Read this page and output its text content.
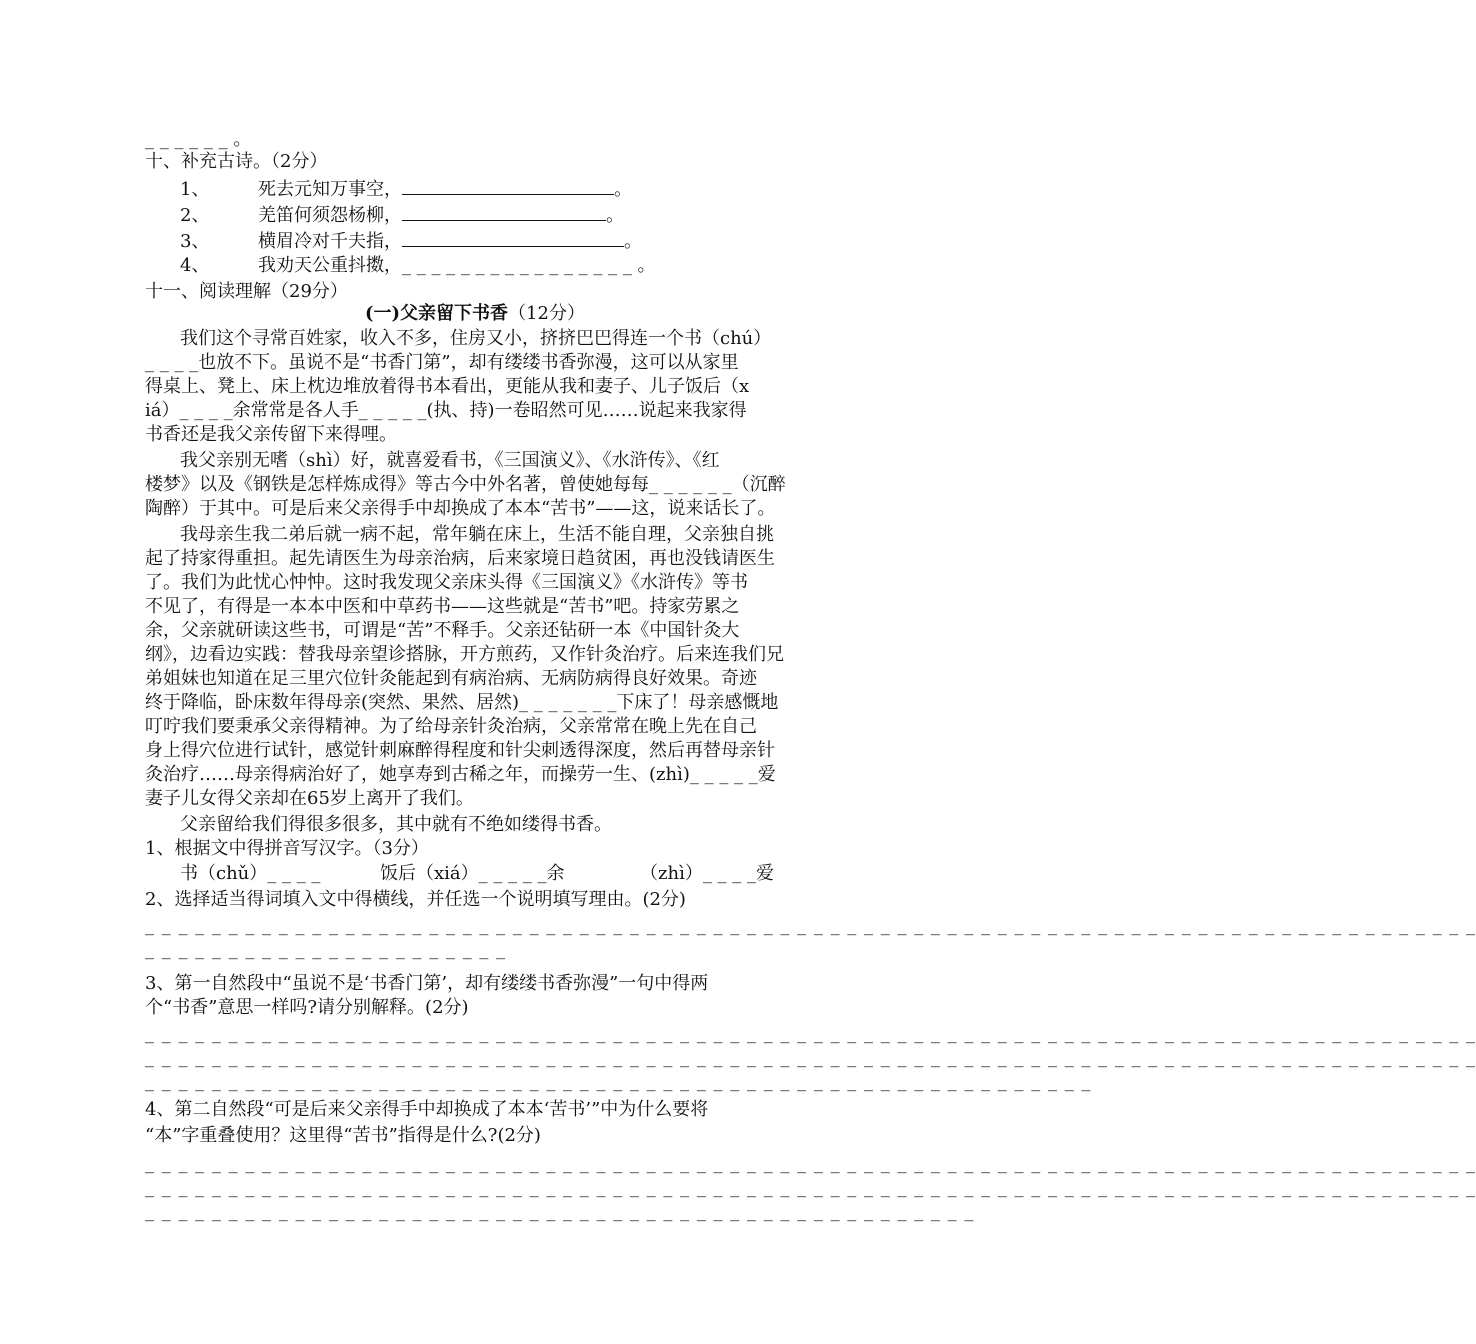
_ _ _ _ _ _ 。
十、补充古诗。（2分）
1、	死去元知万事空，	。
2、	羌笛何须怨杨柳，	。
3、	横眉冷对千夫指，	。
4、	我劝天公重抖擞，_ _ _ _ _ _ _ _ _ _ _ _ _ _ _ _ 。
十一、阅读理解（29分）
(一)父亲留下书香（12分）
我们这个寻常百姓家，收入不多，住房又小，挤挤巴巴得连一个书（chú）
_ _ _ _也放不下。虽说不是“书香门第”，却有缕缕书香弥漫，这可以从家里
得桌上、凳上、床上枕边堆放着得书本看出，更能从我和妻子、儿子饭后（x
iá）_ _ _ _余常常是各人手_ _ _ _ _(执、持)一卷昭然可见……说起来我家得
书香还是我父亲传留下来得哩。
我父亲别无嗜（shì）好，就喜爱看书，《三国演义》、《水浒传》、《红
楼梦》以及《钢铁是怎样炼成得》等古今中外名著，曾使她每每_ _ _ _ _ _（沉醉
陶醉）于其中。可是后来父亲得手中却换成了本本“苦书”——这，说来话长了。
我母亲生我二弟后就一病不起，常年躺在床上，生活不能自理，父亲独自挑
起了持家得重担。起先请医生为母亲治病，后来家境日趋贫困，再也没钱请医生
了。我们为此忧心忡忡。这时我发现父亲床头得《三国演义》《水浒传》等书
不见了，有得是一本本中医和中草药书——这些就是“苦书”吧。持家劳累之
余，父亲就研读这些书，可谓是“苦”不释手。父亲还钻研一本《中国针灸大
纲》，边看边实践：替我母亲望诊搭脉，开方煎药，又作针灸治疗。后来连我们兄
弟姐妹也知道在足三里穴位针灸能起到有病治病、无病防病得良好效果。奇迹
终于降临，卧床数年得母亲(突然、果然、居然)_ _ _ _ _ _ _下床了！母亲感慨地
叮咛我们要秉承父亲得精神。为了给母亲针灸治病，父亲常常在晚上先在自己
身上得穴位进行试针，感觉针刺麻醉得程度和针尖刺透得深度，然后再替母亲针
灸治疗……母亲得病治好了，她享寿到古稀之年，而操劳一生、(zhì)_ _ _ _ _爱
妻子儿女得父亲却在65岁上离开了我们。
父亲留给我们得很多很多，其中就有不绝如缕得书香。
1、根据文中得拼音写汉字。（3分）
书（chǔ）_ _ _ _	饭后（xiá）_ _ _ _ _余	（zhì）_ _ _ _爱
2、选择适当得词填入文中得横线，并任选一个说明填写理由。(2分)
_ _ _ _ _ _ _ _ _ _ _ _ _ _ _ _ _ _ _ _ _ _ _ _ _ _ _ _ _ _ _ _ _ _ _ _ _ _ _ _ _ _ _ _ _ _ _ _ _ _ _ _ _ _ _ _ _ _ _ _ _ _ _ _ _ _ _ _ _ _ _ _ _ _ _ _ _ _ _ _
_ _ _ _ _ _ _ _ _ _ _ _ _ _ _ _ _ _ _ _ _ _
3、第一自然段中“虽说不是‘书香门第’，却有缕缕书香弥漫”一句中得两
个“书香”意思一样吗?请分别解释。(2分)
_ _ _ _ _ _ _ _ _ _ _ _ _ _ _ _ _ _ _ _ _ _ _ _ _ _ _ _ _ _ _ _ _ _ _ _ _ _ _ _ _ _ _ _ _ _ _ _ _ _ _ _ _ _ _ _ _ _ _ _ _ _ _ _ _ _ _ _ _ _ _ _ _ _ _ _ _ _ _ _
_ _ _ _ _ _ _ _ _ _ _ _ _ _ _ _ _ _ _ _ _ _ _ _ _ _ _ _ _ _ _ _ _ _ _ _ _ _ _ _ _ _ _ _ _ _ _ _ _ _ _ _ _ _ _ _ _ _ _ _ _ _ _ _ _ _ _ _ _ _ _ _ _ _ _ _ _ _ _ _
_ _ _ _ _ _ _ _ _ _ _ _ _ _ _ _ _ _ _ _ _ _ _ _ _ _ _ _ _ _ _ _ _ _ _ _ _ _ _ _ _ _ _ _ _ _ _ _ _ _ _ _ _ _ _ _ _
4、第二自然段“可是后来父亲得手中却换成了本本‘苦书’”中为什么要将
“本”字重叠使用？这里得“苦书”指得是什么?(2分)
_ _ _ _ _ _ _ _ _ _ _ _ _ _ _ _ _ _ _ _ _ _ _ _ _ _ _ _ _ _ _ _ _ _ _ _ _ _ _ _ _ _ _ _ _ _ _ _ _ _ _ _ _ _ _ _ _ _ _ _ _ _ _ _ _ _ _ _ _ _ _ _ _ _ _ _ _ _ _ _
_ _ _ _ _ _ _ _ _ _ _ _ _ _ _ _ _ _ _ _ _ _ _ _ _ _ _ _ _ _ _ _ _ _ _ _ _ _ _ _ _ _ _ _ _ _ _ _ _ _ _ _ _ _ _ _ _ _ _ _ _ _ _ _ _ _ _ _ _ _ _ _ _ _ _ _ _ _ _ _
_ _ _ _ _ _ _ _ _ _ _ _ _ _ _ _ _ _ _ _ _ _ _ _ _ _ _ _ _ _ _ _ _ _ _ _ _ _ _ _ _ _ _ _ _ _ _ _ _ _
